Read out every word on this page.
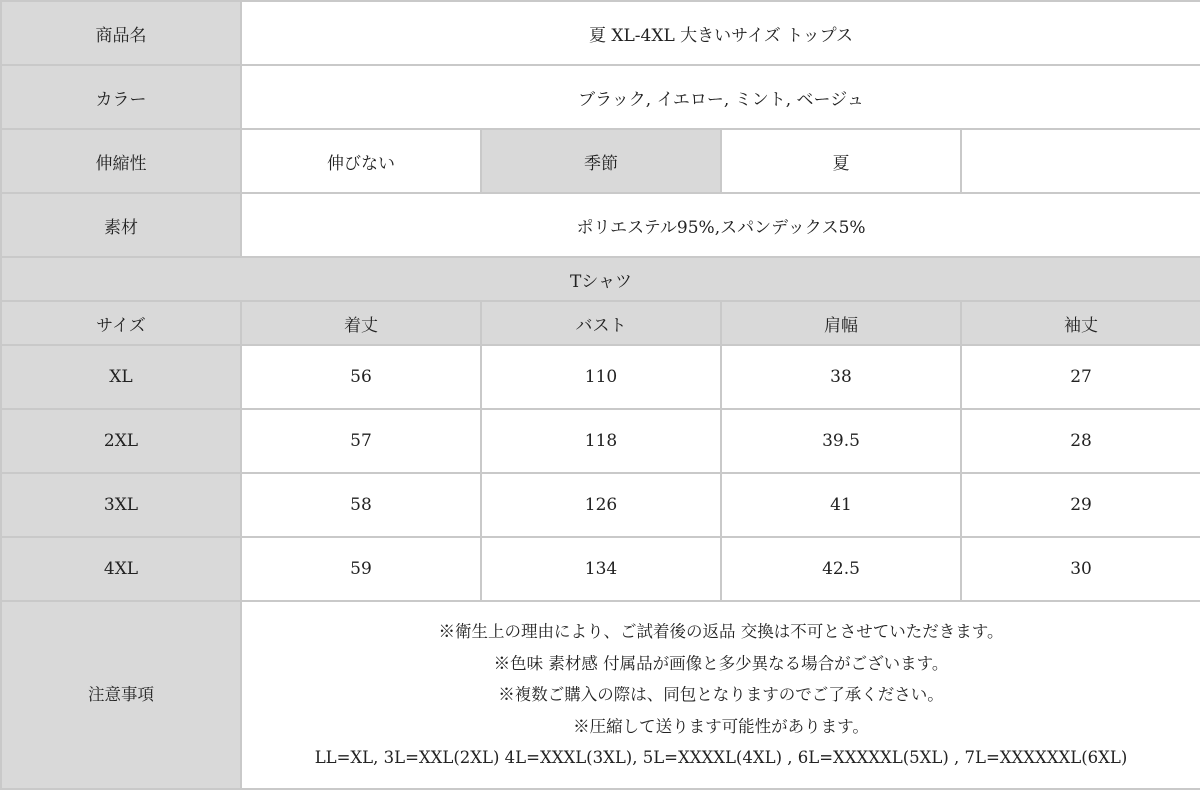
商品名	夏 XL-4XL 大きいサイズ トップス			
カラー	ブラック, イエロー, ミント, ベージュ			
伸縮性	伸びない	季節	夏	
素材	ポリエステル95%,スパンデックス5%			
Tシャツ				
サイズ	着丈	バスト	肩幅	袖丈
XL	56	110	38	27
2XL	57	118	39.5	28
3XL	58	126	41	29
4XL	59	134	42.5	30
注意事項	※衛生上の理由により、ご試着後の返品 交換は不可とさせていただきます。
※色味 素材感 付属品が画像と多少異なる場合がございます。
※複数ご購入の際は、同包となりますのでご了承ください。
※圧縮して送ります可能性があります。
LL=XL, 3L=XXL(2XL) 4L=XXXL(3XL), 5L=XXXXL(4XL) , 6L=XXXXXL(5XL) , 7L=XXXXXXL(6XL)			
